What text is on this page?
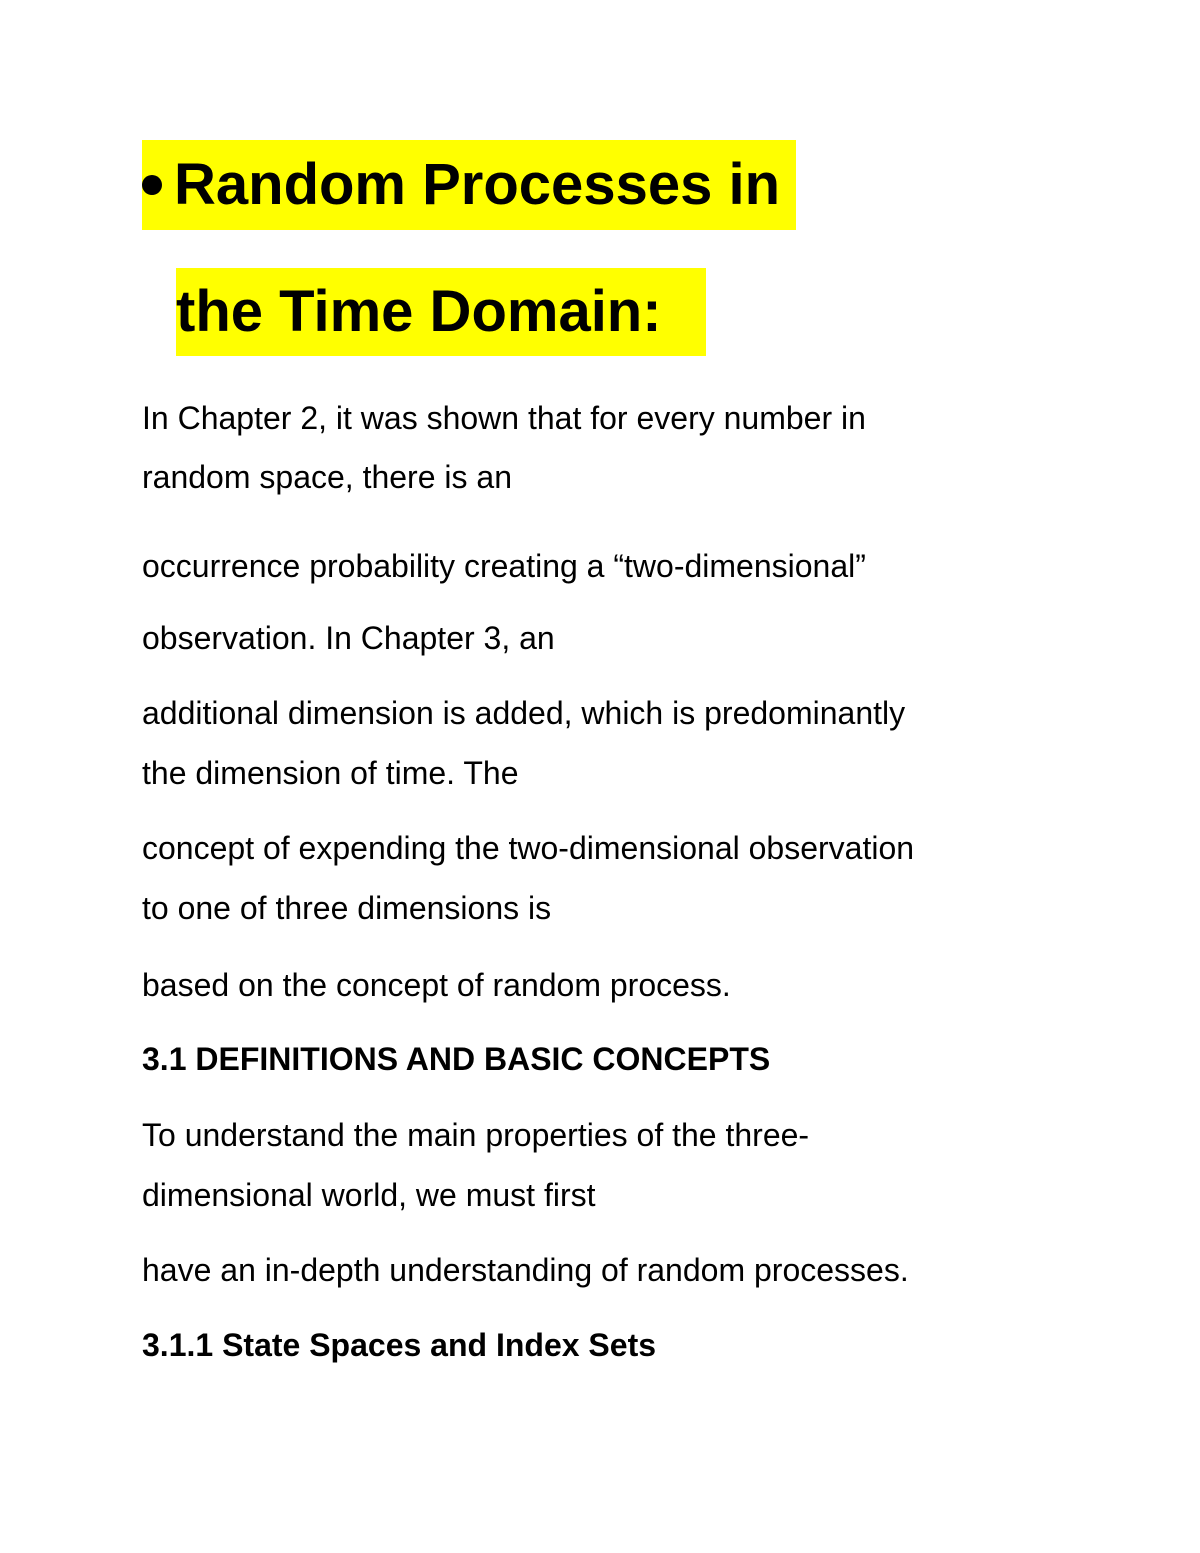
Random Processes in
the Time Domain:
In Chapter 2, it was shown that for every number in
random space, there is an
occurrence probability creating a “two-dimensional”
observation. In Chapter 3, an
additional dimension is added, which is predominantly
the dimension of time. The
concept of expending the two-dimensional observation
to one of three dimensions is
based on the concept of random process.
3.1 DEFINITIONS AND BASIC CONCEPTS
To understand the main properties of the three-
dimensional world, we must first
have an in-depth understanding of random processes.
3.1.1 State Spaces and Index Sets
